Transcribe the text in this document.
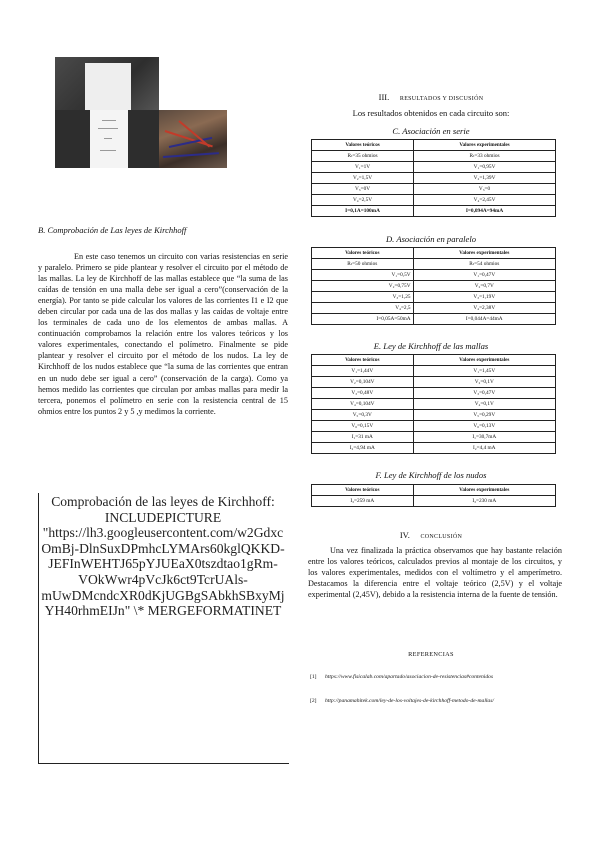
B. Comprobación de Las leyes de Kirchhoff

En este caso tenemos un circuito con varias resistencias en serie y paralelo. Primero se pide plantear y resolver el circuito por el método de las mallas. La ley de Kirchhoff de las mallas establece que “la suma de las caídas de tensión en una malla debe ser igual a cero”(conservación de la energía). Por tanto se pide calcular los valores de las corrientes I1 e I2 que deben circular por cada una de las dos mallas y las caídas de voltaje entre los terminales de cada uno de los elementos de ambas mallas. A continuación comprobamos la relación entre los valores teóricos y los valores experimentales, conectando el polímetro. Finalmente se pide plantear y resolver el circuito por el método de los nudos. La ley de Kirchhoff de los nudos establece que “la suma de las corrientes que entran en un nudo debe ser igual a cero” (conservación de la carga). Como ya hemos medido las corrientes que circulan por ambas mallas para medir la tercera, ponemos el polímetro en serie con la resistencia central de 15 ohmios entre los puntos 2 y 5 ,y medimos la corriente.

Comprobación de las leyes de Kirchhoff: INCLUDEPICTURE "https://lh3.googleusercontent.com/w2GdxcOmBj-DlnSuxDPmhcLYMArs60kglQKKD-JEFInWEHTJ65pYJUEaX0tszdtao1gRm-VOkWwr4pVcJk6ct9TcrUAls-mUwDMcndcXR0dKjUGBgSAbkhSBxyMjYH40rhmEIJn" \* MERGEFORMATINET
III. RESULTADOS Y DISCUSIÓN
Los resultados obtenidos en cada circuito son:
C. Asociación en serie
Valores teóricos	Valores experimentales
Rₜ=35 ohmios	Rₜ=33 ohmios
V₁=1V	V₁=0,95V
V₂=1,5V	V₂=1,39V
V₃=0V	V₃=0
V₄=2,5V	V₄=2,45V
I=0,1A=100mA	I=0,094A=94mA
D. Asociación en paralelo
Valores teóricos	Valores experimentales
Rₜ=50 ohmios	Rₜ=54 ohmios
V₁=0,5V	V₁=0,47V
V₂=0,75V	V₂=0,7V
V₃=1,25	V₃=1,19V
V₄=2,5	V₄=2,38V
I=0,05A=50mA	I=0,044A=44mA
E. Ley de Kirchhoff de las mallas
Valores teóricos	Valores experimentales
V₁=1,44V	V₁=1,45V
V₂=0,104V	V₂=0,1V
V₃=0,48V	V₃=0,47V
V₄=0,104V	V₄=0,1V
V₅=0,3V	V₅=0,29V
V₆=0,15V	V₆=0,13V
I₁=31 mA	I₁=30,7mA
I₂=4,94 mA	I₂=4,4 mA
F. Ley de Kirchhoff de los nudos
Valores teóricos	Valores experimentales
I₃=259 mA	I₃=230 mA
IV. CONCLUSIÓN

Una vez finalizada la práctica observamos que hay bastante relación entre los valores teóricos, calculados previos al montaje de los circuitos, y los valores experimentales, medidos con el voltímetro y el amperímetro. Destacamos la diferencia entre el voltaje teórico (2,5V) y el voltaje experimental (2,45V), debido a la resistencia interna de la fuente de tensión.

REFERENCIAS
[1] https://www.fisicalab.com/apartado/asociacion-de-resistencias#contenidos
[2] http://panamahitek.com/ley-de-los-voltajes-de-kirchhoff-metodo-de-mallas/
